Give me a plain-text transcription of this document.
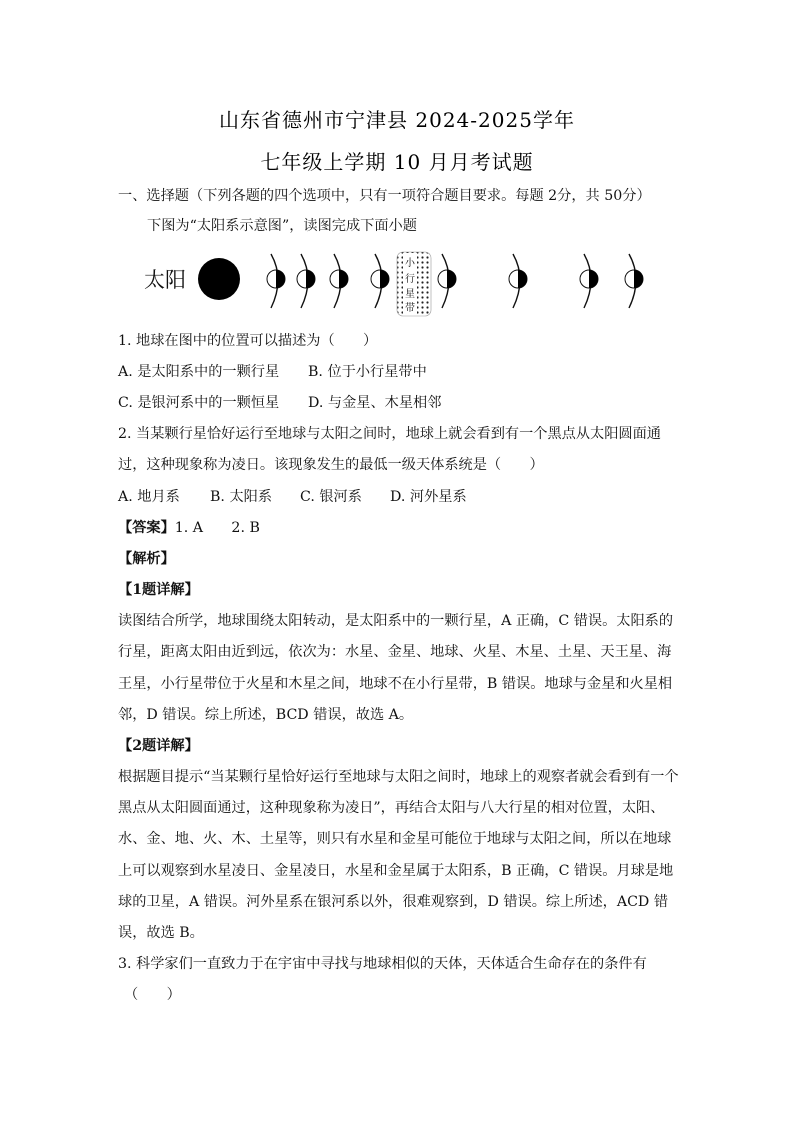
山东省德州市宁津县 2024-2025学年
七年级上学期 10 月月考试题
一、选择题（下列各题的四个选项中，只有一项符合题目要求。每题 2分，共 50分）
下图为“太阳系示意图”，读图完成下面小题
太阳
小
行
星
带
1. 地球在图中的位置可以描述为（　　）
A. 是太阳系中的一颗行星 B. 位于小行星带中
C. 是银河系中的一颗恒星 D. 与金星、木星相邻
2. 当某颗行星恰好运行至地球与太阳之间时，地球上就会看到有一个黑点从太阳圆面通
过，这种现象称为凌日。该现象发生的最低一级天体系统是（　　）
A. 地月系 B. 太阳系 C. 银河系 D. 河外星系
【答案】1. A　　2. B
【解析】
【1题详解】
读图结合所学，地球围绕太阳转动，是太阳系中的一颗行星，A 正确，C 错误。太阳系的
行星，距离太阳由近到远，依次为：水星、金星、地球、火星、木星、土星、天王星、海
王星，小行星带位于火星和木星之间，地球不在小行星带，B 错误。地球与金星和火星相
邻，D 错误。综上所述，BCD 错误，故选 A。
【2题详解】
根据题目提示“当某颗行星恰好运行至地球与太阳之间时，地球上的观察者就会看到有一个
黑点从太阳圆面通过，这种现象称为凌日”，再结合太阳与八大行星的相对位置，太阳、
水、金、地、火、木、土星等，则只有水星和金星可能位于地球与太阳之间，所以在地球
上可以观察到水星凌日、金星凌日，水星和金星属于太阳系，B 正确，C 错误。月球是地
球的卫星，A 错误。河外星系在银河系以外，很难观察到，D 错误。综上所述，ACD 错
误，故选 B。
3. 科学家们一直致力于在宇宙中寻找与地球相似的天体，天体适合生命存在的条件有
（　　）
